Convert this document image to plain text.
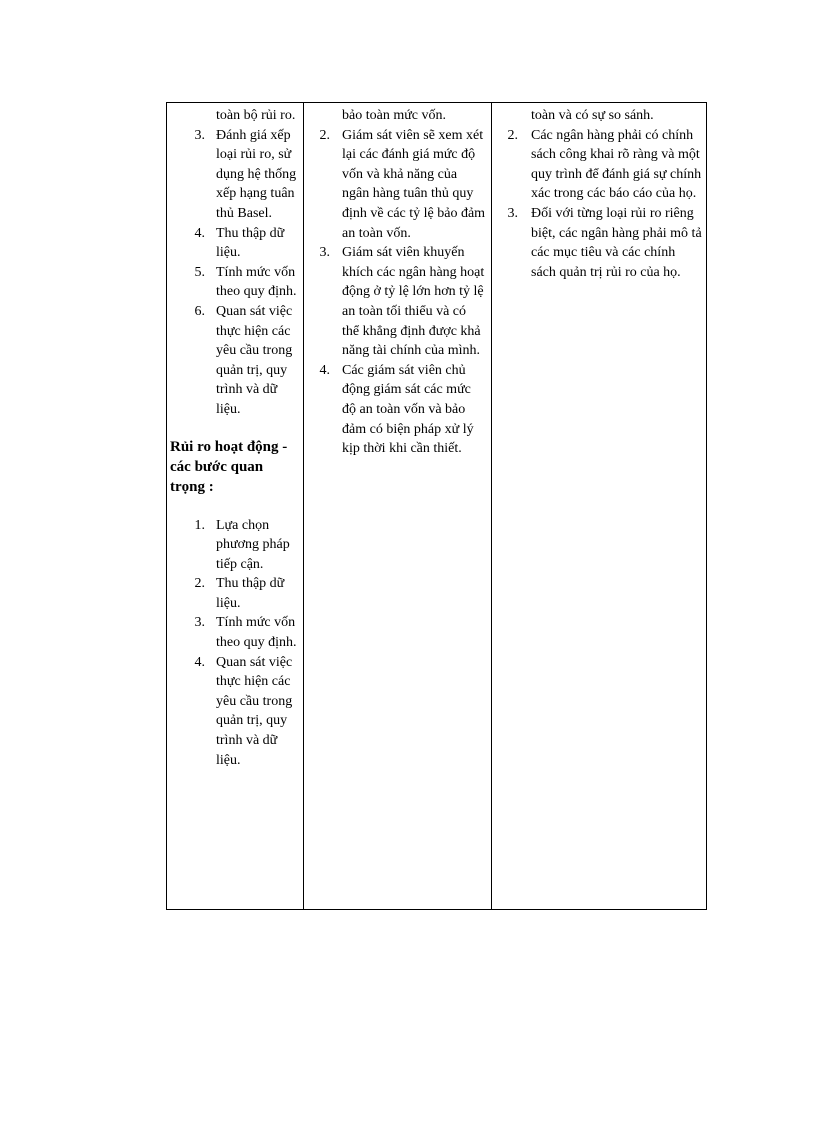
toàn bộ rủi ro.
3. Đánh giá xếp loại rủi ro, sử dụng hệ thống xếp hạng tuân thủ Basel.
4. Thu thập dữ liệu.
5. Tính mức vốn theo quy định.
6. Quan sát việc thực hiện các yêu cầu trong quản trị, quy trình và dữ liệu.
Rủi ro hoạt động - các bước quan trọng :
1. Lựa chọn phương pháp tiếp cận.
2. Thu thập dữ liệu.
3. Tính mức vốn theo quy định.
4. Quan sát việc thực hiện các yêu cầu trong quản trị, quy trình và dữ liệu.

bảo toàn mức vốn.
2. Giám sát viên sẽ xem xét lại các đánh giá mức độ vốn và khả năng của ngân hàng tuân thủ quy định về các tỷ lệ bảo đảm an toàn vốn.
3. Giám sát viên khuyến khích các ngân hàng hoạt động ở tỷ lệ lớn hơn tỷ lệ an toàn tối thiểu và có thể khẳng định được khả năng tài chính của mình.
4. Các giám sát viên chủ động giám sát các mức độ an toàn vốn và bảo đảm có biện pháp xử lý kịp thời khi cần thiết.

toàn và có sự so sánh.
2. Các ngân hàng phải có chính sách công khai rõ ràng và một quy trình để đánh giá sự chính xác trong các báo cáo của họ.
3. Đối với từng loại rủi ro riêng biệt, các ngân hàng phải mô tả các mục tiêu và các chính sách quản trị rủi ro của họ.
